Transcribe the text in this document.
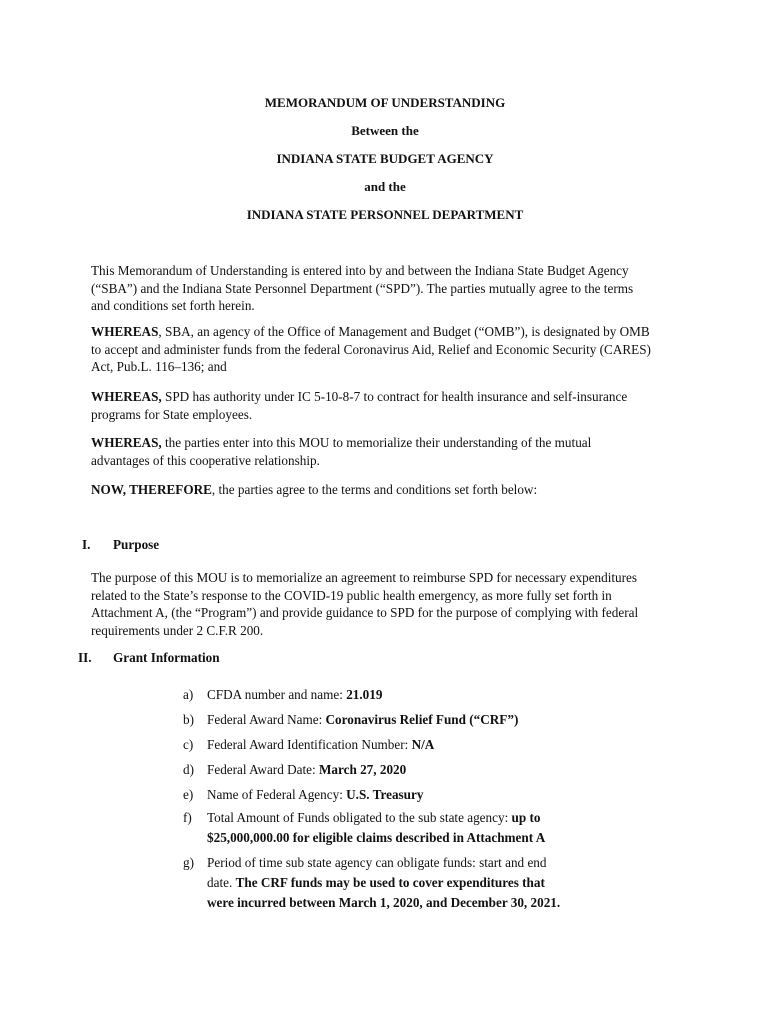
MEMORANDUM OF UNDERSTANDING
Between the
INDIANA STATE BUDGET AGENCY
and the
INDIANA STATE PERSONNEL DEPARTMENT
This Memorandum of Understanding is entered into by and between the Indiana State Budget Agency
(“SBA”) and the Indiana State Personnel Department (“SPD”). The parties mutually agree to the terms
and conditions set forth herein.
WHEREAS, SBA, an agency of the Office of Management and Budget (“OMB”), is designated by OMB
to accept and administer funds from the federal Coronavirus Aid, Relief and Economic Security (CARES)
Act, Pub.L. 116–136; and
WHEREAS, SPD has authority under IC 5-10-8-7 to contract for health insurance and self-insurance
programs for State employees.
WHEREAS, the parties enter into this MOU to memorialize their understanding of the mutual
advantages of this cooperative relationship.
NOW, THEREFORE, the parties agree to the terms and conditions set forth below:
I. Purpose
The purpose of this MOU is to memorialize an agreement to reimburse SPD for necessary expenditures
related to the State’s response to the COVID-19 public health emergency, as more fully set forth in
Attachment A, (the “Program”) and provide guidance to SPD for the purpose of complying with federal
requirements under 2 C.F.R 200.
II. Grant Information
a) CFDA number and name: 21.019
b) Federal Award Name: Coronavirus Relief Fund (“CRF”)
c) Federal Award Identification Number: N/A
d) Federal Award Date: March 27, 2020
e) Name of Federal Agency: U.S. Treasury
f) Total Amount of Funds obligated to the sub state agency: up to
$25,000,000.00 for eligible claims described in Attachment A
g) Period of time sub state agency can obligate funds: start and end
date. The CRF funds may be used to cover expenditures that
were incurred between March 1, 2020, and December 30, 2021.
